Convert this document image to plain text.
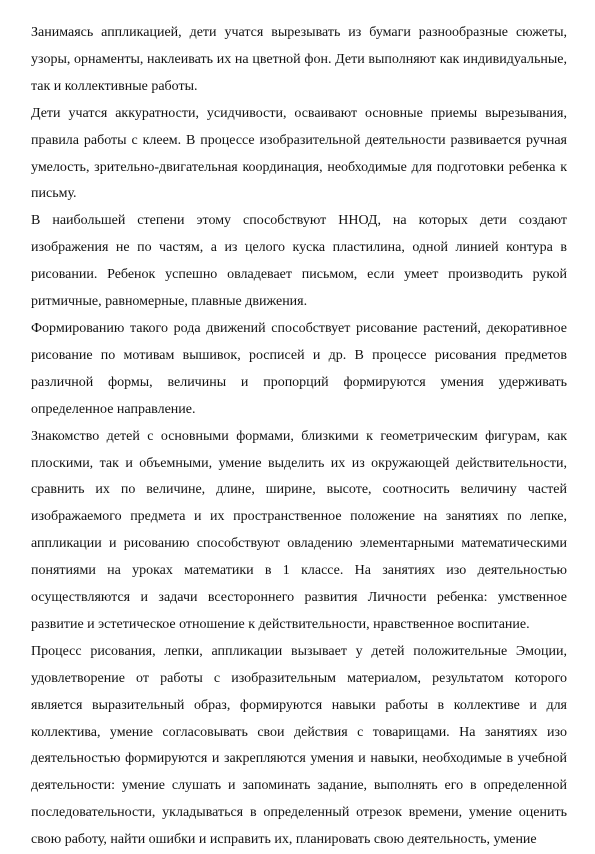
Занимаясь аппликацией, дети учатся вырезывать из бумаги разнообразные сюжеты, узоры, орнаменты, наклеивать их на цветной фон. Дети выполняют как индивидуальные, так и коллективные работы.

Дети учатся аккуратности, усидчивости, осваивают основные приемы вырезывания, правила работы с клеем. В процессе изобразительной деятельности развивается ручная умелость, зрительно-двигательная координация, необходимые для подготовки ребенка к письму.

В наибольшей степени этому способствуют ННОД, на которых дети создают изображения не по частям, а из целого куска пластилина, одной линией контура в рисовании. Ребенок успешно овладевает письмом, если умеет производить рукой ритмичные, равномерные, плавные движения.

Формированию такого рода движений способствует рисование растений, декоративное рисование по мотивам вышивок, росписей и др. В процессе рисования предметов различной формы, величины и пропорций формируются умения удерживать определенное направление.

Знакомство детей с основными формами, близкими к геометрическим фигурам, как плоскими, так и объемными, умение выделить их из окружающей действительности, сравнить их по величине, длине, ширине, высоте, соотносить величину частей изображаемого предмета и их пространственное положение на занятиях по лепке, аппликации и рисованию способствуют овладению элементарными математическими понятиями на уроках математики в 1 классе. На занятиях изо деятельностью осуществляются и задачи всестороннего развития Личности ребенка: умственное развитие и эстетическое отношение к действительности, нравственное воспитание.

Процесс рисования, лепки, аппликации вызывает у детей положительные Эмоции, удовлетворение от работы с изобразительным материалом, результатом которого является выразительный образ, формируются навыки работы в коллективе и для коллектива, умение согласовывать свои действия с товарищами. На занятиях изо деятельностью формируются и закрепляются умения и навыки, необходимые в учебной деятельности: умение слушать и запоминать задание, выполнять его в определенной последовательности, укладываться в определенный отрезок времени, умение оценить свою работу, найти ошибки и исправить их, планировать свою деятельность, умение
